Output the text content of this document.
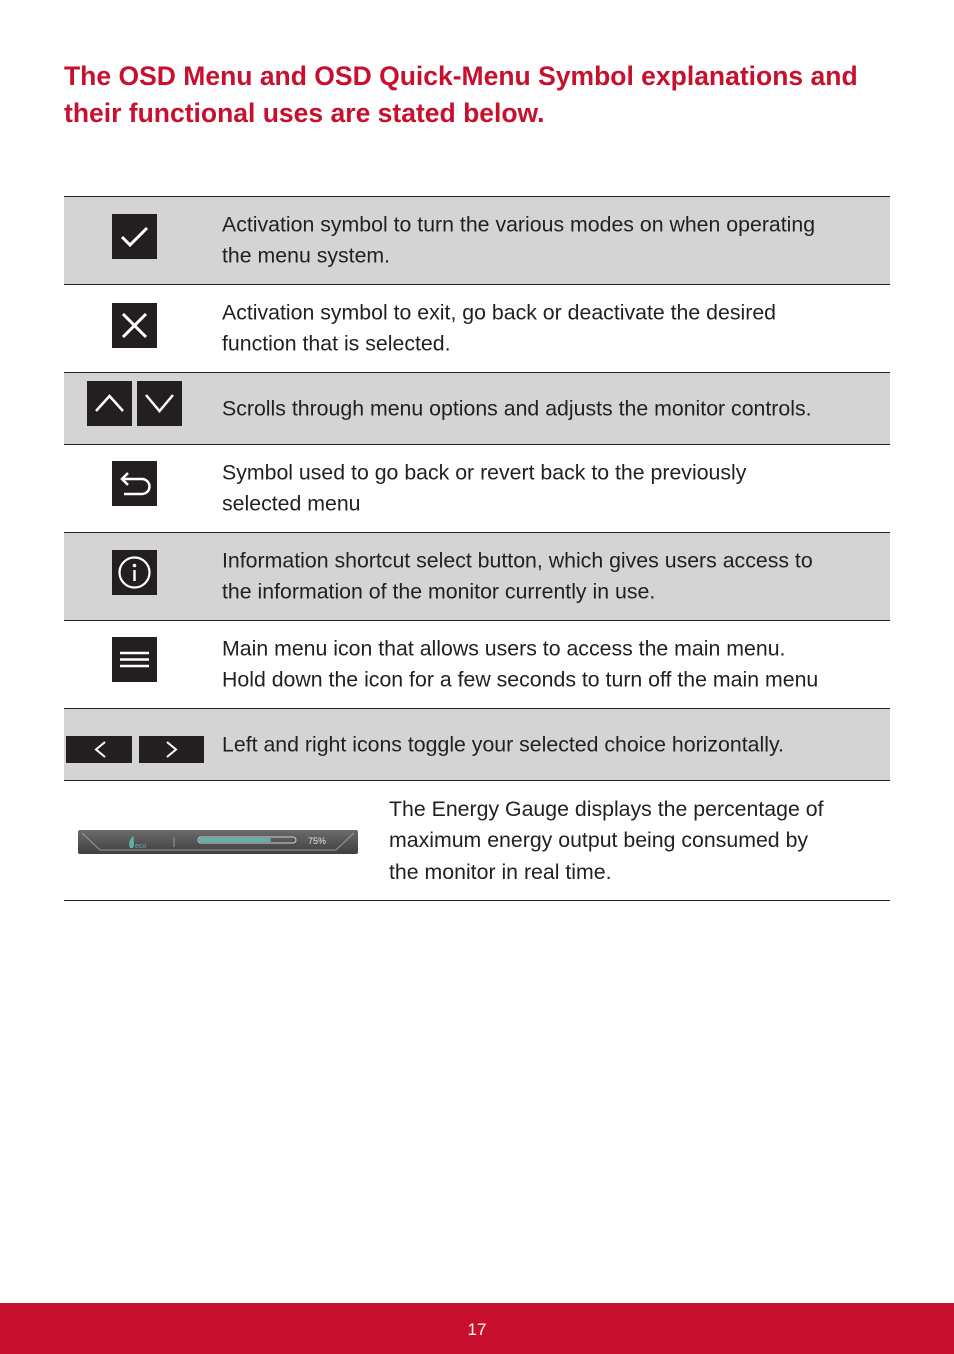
The OSD Menu and OSD Quick-Menu Symbol explanations and
their functional uses are stated below.
Activation symbol to turn the various modes on when operating
the menu system.
Activation symbol to exit, go back or deactivate the desired
function that is selected.
Scrolls through menu options and adjusts the monitor controls.
Symbol used to go back or revert back to the previously
selected menu
Information shortcut select button, which gives users access to
the information of the monitor currently in use.
Main menu icon that allows users to access the main menu.
Hold down the icon for a few seconds to turn off the main menu
Left and right icons toggle your selected choice horizontally.
eco
75%
The Energy Gauge displays the percentage of
maximum energy output being consumed by
the monitor in real time.
17
